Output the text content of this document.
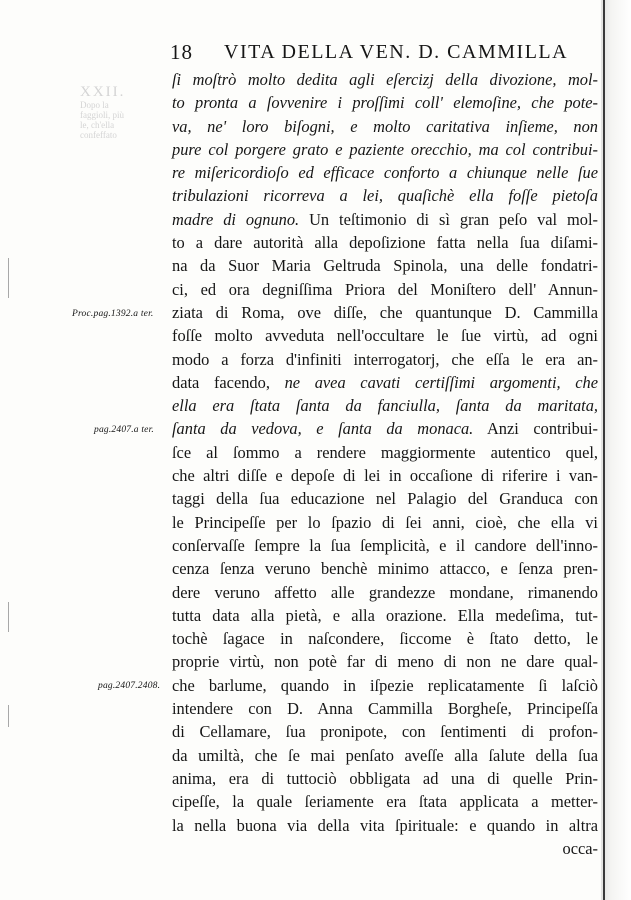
XXII.
Dopo la
faggioli, più
le, ch'ella
confeffato
18 VITA DELLA VEN. D. CAMMILLA
Proc.pag.1392.a ter.
pag.2407.a ter.
pag.2407.2408.
ſi moſtrò molto dedita agli eſercizj della divozione, mol-
to pronta a ſovvenire i proſſimi coll' elemoſine, che pote-
va, ne' loro biſogni, e molto caritativa inſieme, non
pure col porgere grato e paziente orecchio, ma col contribui-
re miſericordioſo ed efficace conforto a chiunque nelle ſue
tribulazioni ricorreva a lei, quaſichè ella foſſe pietoſa
madre di ognuno. Un teſtimonio di sì gran peſo val mol-
to a dare autorità alla depoſizione fatta nella ſua diſami-
na da Suor Maria Geltruda Spinola, una delle fondatri-
ci, ed ora degniſſima Priora del Moniſtero dell' Annun-
ziata di Roma, ove diſſe, che quantunque D. Cammilla
foſſe molto avveduta nell'occultare le ſue virtù, ad ogni
modo a forza d'infiniti interrogatorj, che eſſa le era an-
data facendo, ne avea cavati certiſſimi argomenti, che
ella era ſtata ſanta da fanciulla, ſanta da maritata,
ſanta da vedova, e ſanta da monaca. Anzi contribui-
ſce al ſommo a rendere maggiormente autentico quel,
che altri diſſe e depoſe di lei in occaſione di riferire i van-
taggi della ſua educazione nel Palagio del Granduca con
le Principeſſe per lo ſpazio di ſei anni, cioè, che ella vi
conſervaſſe ſempre la ſua ſemplicità, e il candore dell'inno-
cenza ſenza veruno benchè minimo attacco, e ſenza pren-
dere veruno affetto alle grandezze mondane, rimanendo
tutta data alla pietà, e alla orazione. Ella medeſima, tut-
tochè ſagace in naſcondere, ſiccome è ſtato detto, le
proprie virtù, non potè far di meno di non ne dare qual-
che barlume, quando in iſpezie replicatamente ſi laſciò
intendere con D. Anna Cammilla Borgheſe, Principeſſa
di Cellamare, ſua pronipote, con ſentimenti di profon-
da umiltà, che ſe mai penſato aveſſe alla ſalute della ſua
anima, era di tuttociò obbligata ad una di quelle Prin-
cipeſſe, la quale ſeriamente era ſtata applicata a metter-
la nella buona via della vita ſpirituale: e quando in altra
occa-
